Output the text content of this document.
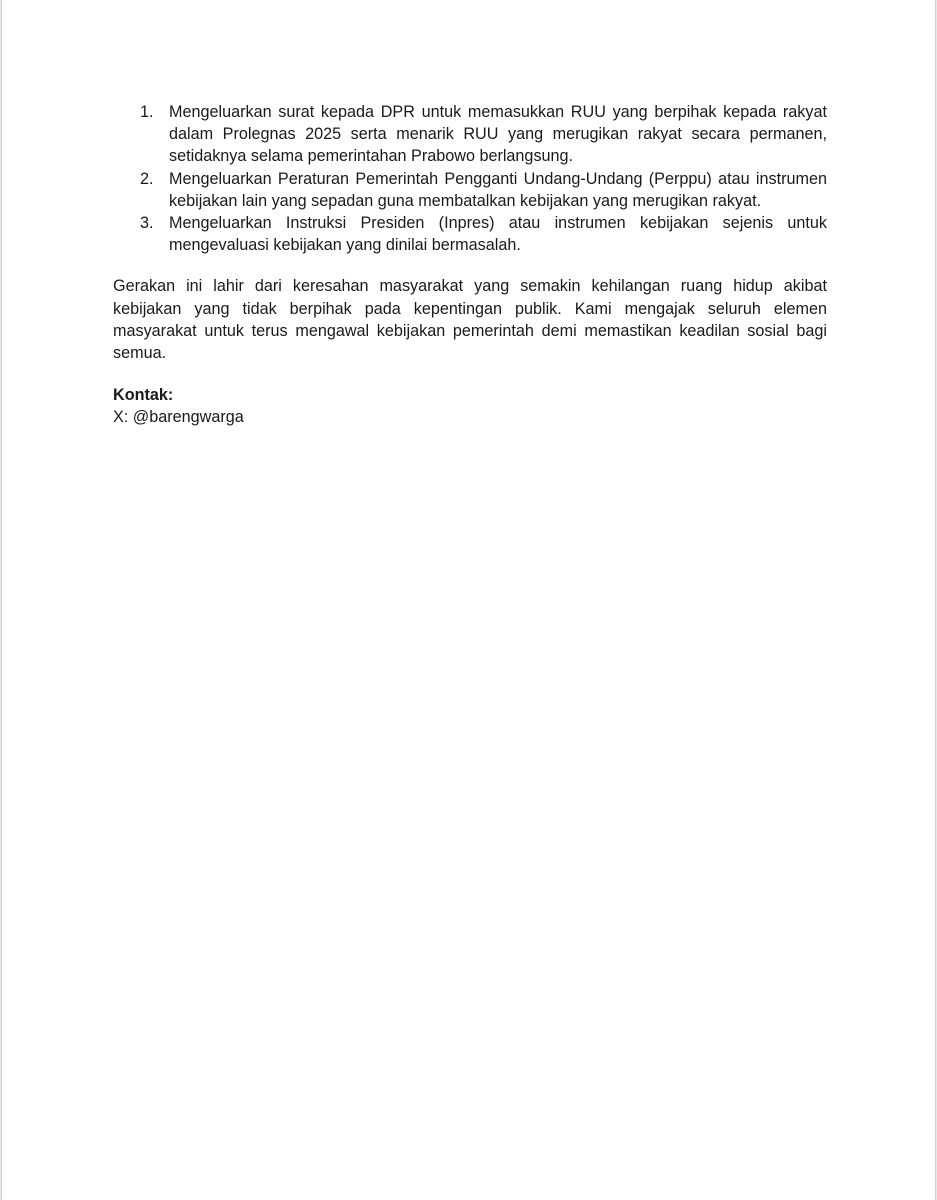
1. Mengeluarkan surat kepada DPR untuk memasukkan RUU yang berpihak kepada rakyat dalam Prolegnas 2025 serta menarik RUU yang merugikan rakyat secara permanen, setidaknya selama pemerintahan Prabowo berlangsung.
2. Mengeluarkan Peraturan Pemerintah Pengganti Undang-Undang (Perppu) atau instrumen kebijakan lain yang sepadan guna membatalkan kebijakan yang merugikan rakyat.
3. Mengeluarkan Instruksi Presiden (Inpres) atau instrumen kebijakan sejenis untuk mengevaluasi kebijakan yang dinilai bermasalah.

Gerakan ini lahir dari keresahan masyarakat yang semakin kehilangan ruang hidup akibat kebijakan yang tidak berpihak pada kepentingan publik. Kami mengajak seluruh elemen masyarakat untuk terus mengawal kebijakan pemerintah demi memastikan keadilan sosial bagi semua.

Kontak:
X: @barengwarga
